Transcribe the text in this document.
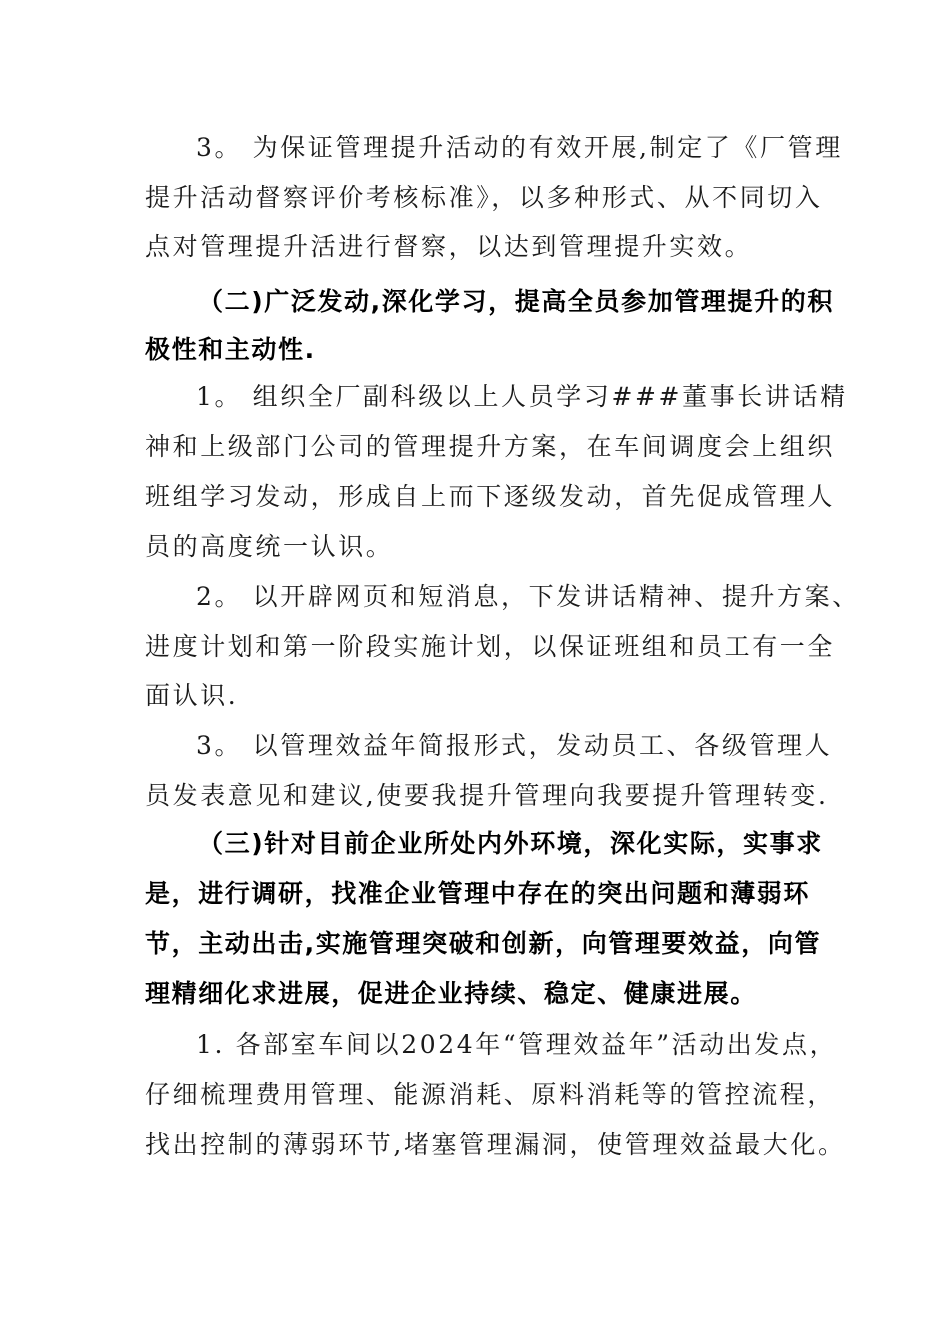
3。 为保证管理提升活动的有效开展,制定了《厂管理
提升活动督察评价考核标准》，以多种形式、从不同切入
点对管理提升活进行督察，以达到管理提升实效。
（二)广泛发动,深化学习，提高全员参加管理提升的积
极性和主动性.
1。 组织全厂副科级以上人员学习###董事长讲话精
神和上级部门公司的管理提升方案，在车间调度会上组织
班组学习发动，形成自上而下逐级发动，首先促成管理人
员的高度统一认识。
2。 以开辟网页和短消息，下发讲话精神、提升方案、
进度计划和第一阶段实施计划，以保证班组和员工有一全
面认识.
3。 以管理效益年简报形式，发动员工、各级管理人
员发表意见和建议,使要我提升管理向我要提升管理转变.
（三)针对目前企业所处内外环境，深化实际，实事求
是，进行调研，找准企业管理中存在的突出问题和薄弱环
节，主动出击,实施管理突破和创新，向管理要效益，向管
理精细化求进展，促进企业持续、稳定、健康进展。
1. 各部室车间以2024年“管理效益年”活动出发点，
仔细梳理费用管理、能源消耗、原料消耗等的管控流程，
找出控制的薄弱环节,堵塞管理漏洞，使管理效益最大化。
